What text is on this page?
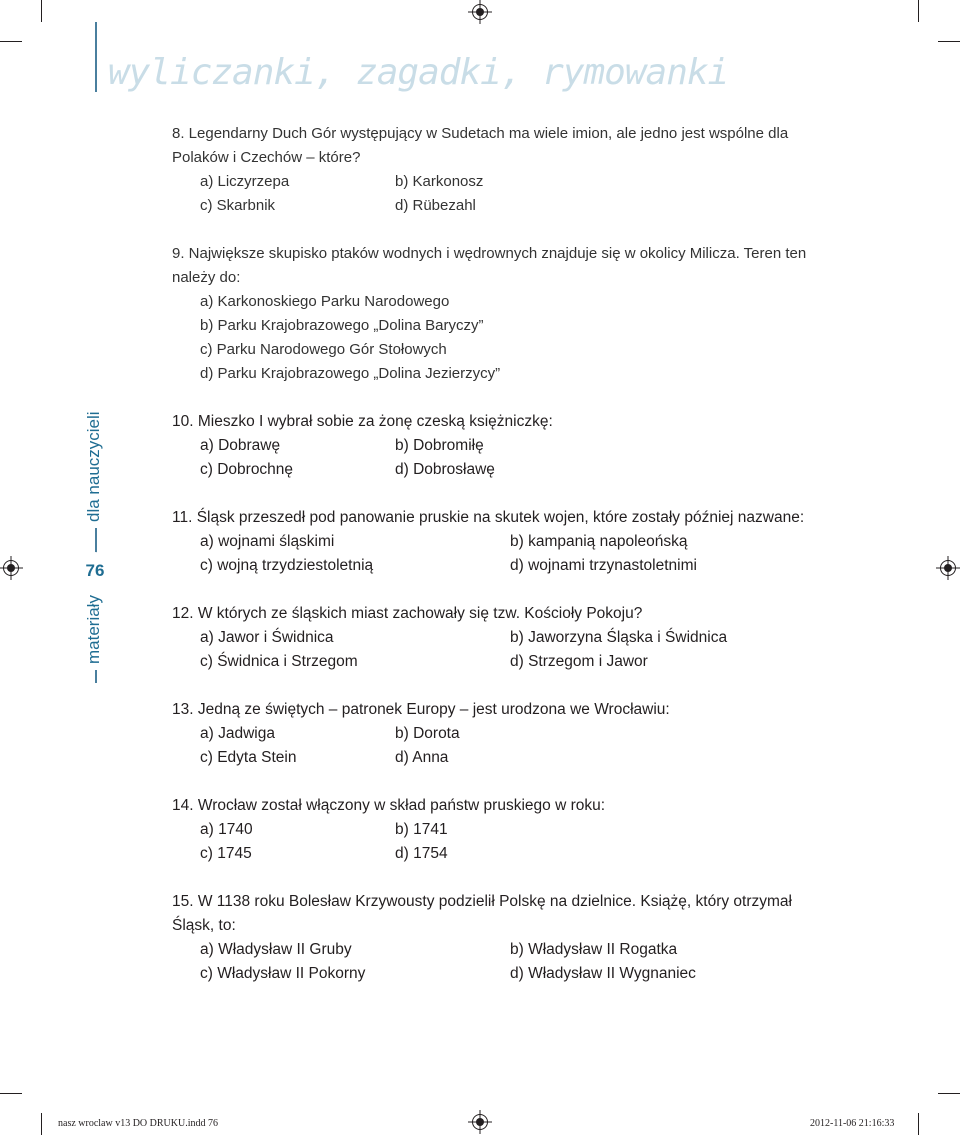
wyliczanki, zagadki, rymowanki
dla nauczycieli
76
materiały
8. Legendarny Duch Gór występujący w Sudetach ma wiele imion, ale jedno jest wspólne dla Polaków i Czechów – które?
a) Liczyrzepa	b) Karkonosz
c) Skarbnik	d) Rübezahl
9. Największe skupisko ptaków wodnych i wędrownych znajduje się w okolicy Milicza. Teren ten należy do:
a) Karkonoskiego Parku Narodowego
b) Parku Krajobrazowego „Dolina Baryczy”
c) Parku Narodowego Gór Stołowych
d) Parku Krajobrazowego „Dolina Jezierzycy”
10. Mieszko I wybrał sobie za żonę czeską księżniczkę:
a) Dobrawę	b) Dobromiłę
c) Dobrochnę	d) Dobrosławę
11. Śląsk przeszedł pod panowanie pruskie na skutek wojen, które zostały później nazwane:
a) wojnami śląskimi	b) kampanią napoleońską
c) wojną trzydziestoletnią	d) wojnami trzynastoletnimi
12. W których ze śląskich miast zachowały się tzw. Kościoły Pokoju?
a) Jawor i Świdnica	b) Jaworzyna Śląska i Świdnica
c) Świdnica i Strzegom	d) Strzegom i Jawor
13. Jedną ze świętych – patronek Europy – jest urodzona we Wrocławiu:
a) Jadwiga	b) Dorota
c) Edyta Stein	d) Anna
14. Wrocław został włączony w skład państw pruskiego w roku:
a) 1740	b) 1741
c) 1745	d) 1754
15. W 1138 roku Bolesław Krzywousty podzielił Polskę na dzielnice. Książę, który otrzymał Śląsk, to:
a) Władysław II Gruby	b) Władysław II Rogatka
c) Władysław II Pokorny	d) Władysław II Wygnaniec
nasz wroclaw v13 DO DRUKU.indd 76	2012-11-06 21:16:33
